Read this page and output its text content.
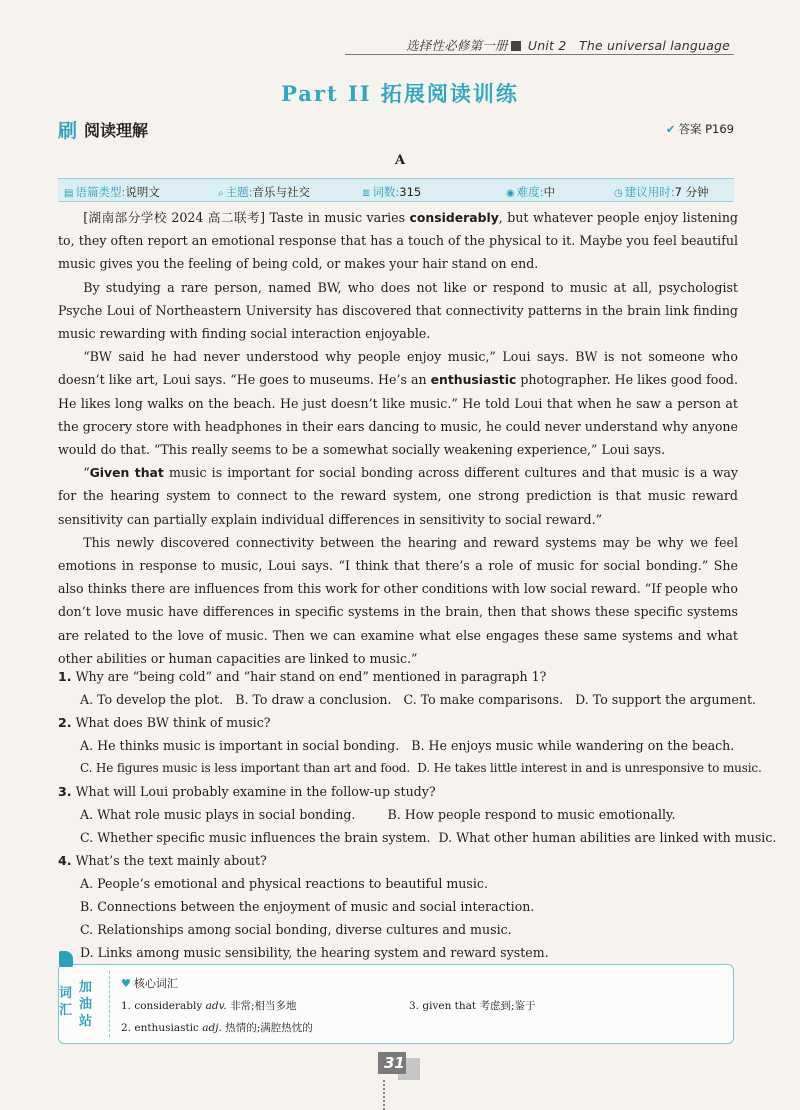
选择性必修第一册 Unit 2 The universal language
Part II 拓展阅读训练
刷 阅读理解	✔ 答案 P169
A
▤ 语篇类型:说明文	⌕ 主题:音乐与社交	≣ 词数:315	◉ 难度:中	◷ 建议用时:7 分钟

[湖南部分学校 2024 高二联考] Taste in music varies considerably, but whatever people enjoy listening to, they often report an emotional response that has a touch of the physical to it. Maybe you feel beautiful music gives you the feeling of being cold, or makes your hair stand on end.

By studying a rare person, named BW, who does not like or respond to music at all, psychologist Psyche Loui of Northeastern University has discovered that connectivity patterns in the brain link finding music rewarding with finding social interaction enjoyable.

“BW said he had never understood why people enjoy music,” Loui says. BW is not someone who doesn’t like art, Loui says. “He goes to museums. He’s an enthusiastic photographer. He likes good food. He likes long walks on the beach. He just doesn’t like music.” He told Loui that when he saw a person at the grocery store with headphones in their ears dancing to music, he could never understand why anyone would do that. “This really seems to be a somewhat socially weakening experience,” Loui says.

“Given that music is important for social bonding across different cultures and that music is a way for the hearing system to connect to the reward system, one strong prediction is that music reward sensitivity can partially explain individual differences in sensitivity to social reward.”

This newly discovered connectivity between the hearing and reward systems may be why we feel emotions in response to music, Loui says. “I think that there’s a role of music for social bonding.” She also thinks there are influences from this work for other conditions with low social reward. “If people who don’t love music have differences in specific systems in the brain, then that shows these specific systems are related to the love of music. Then we can examine what else engages these same systems and what other abilities or human capacities are linked to music.”

1. Why are “being cold” and “hair stand on end” mentioned in paragraph 1?
A. To develop the plot. B. To draw a conclusion. C. To make comparisons. D. To support the argument.
2. What does BW think of music?
A. He thinks music is important in social bonding. B. He enjoys music while wandering on the beach.
C. He figures music is less important than art and food. D. He takes little interest in and is unresponsive to music.
3. What will Loui probably examine in the follow-up study?
A. What role music plays in social bonding.	B. How people respond to music emotionally.
C. Whether specific music influences the brain system. D. What other human abilities are linked with music.
4. What’s the text mainly about?
A. People’s emotional and physical reactions to beautiful music.
B. Connections between the enjoyment of music and social interaction.
C. Relationships among social bonding, diverse cultures and music.
D. Links among music sensibility, the hearing system and reward system.
词汇
加油站
♥ 核心词汇
1. considerably adv. 非常;相当多地	3. given that 考虑到;鉴于
2. enthusiastic adj. 热情的;满腔热忱的
31
